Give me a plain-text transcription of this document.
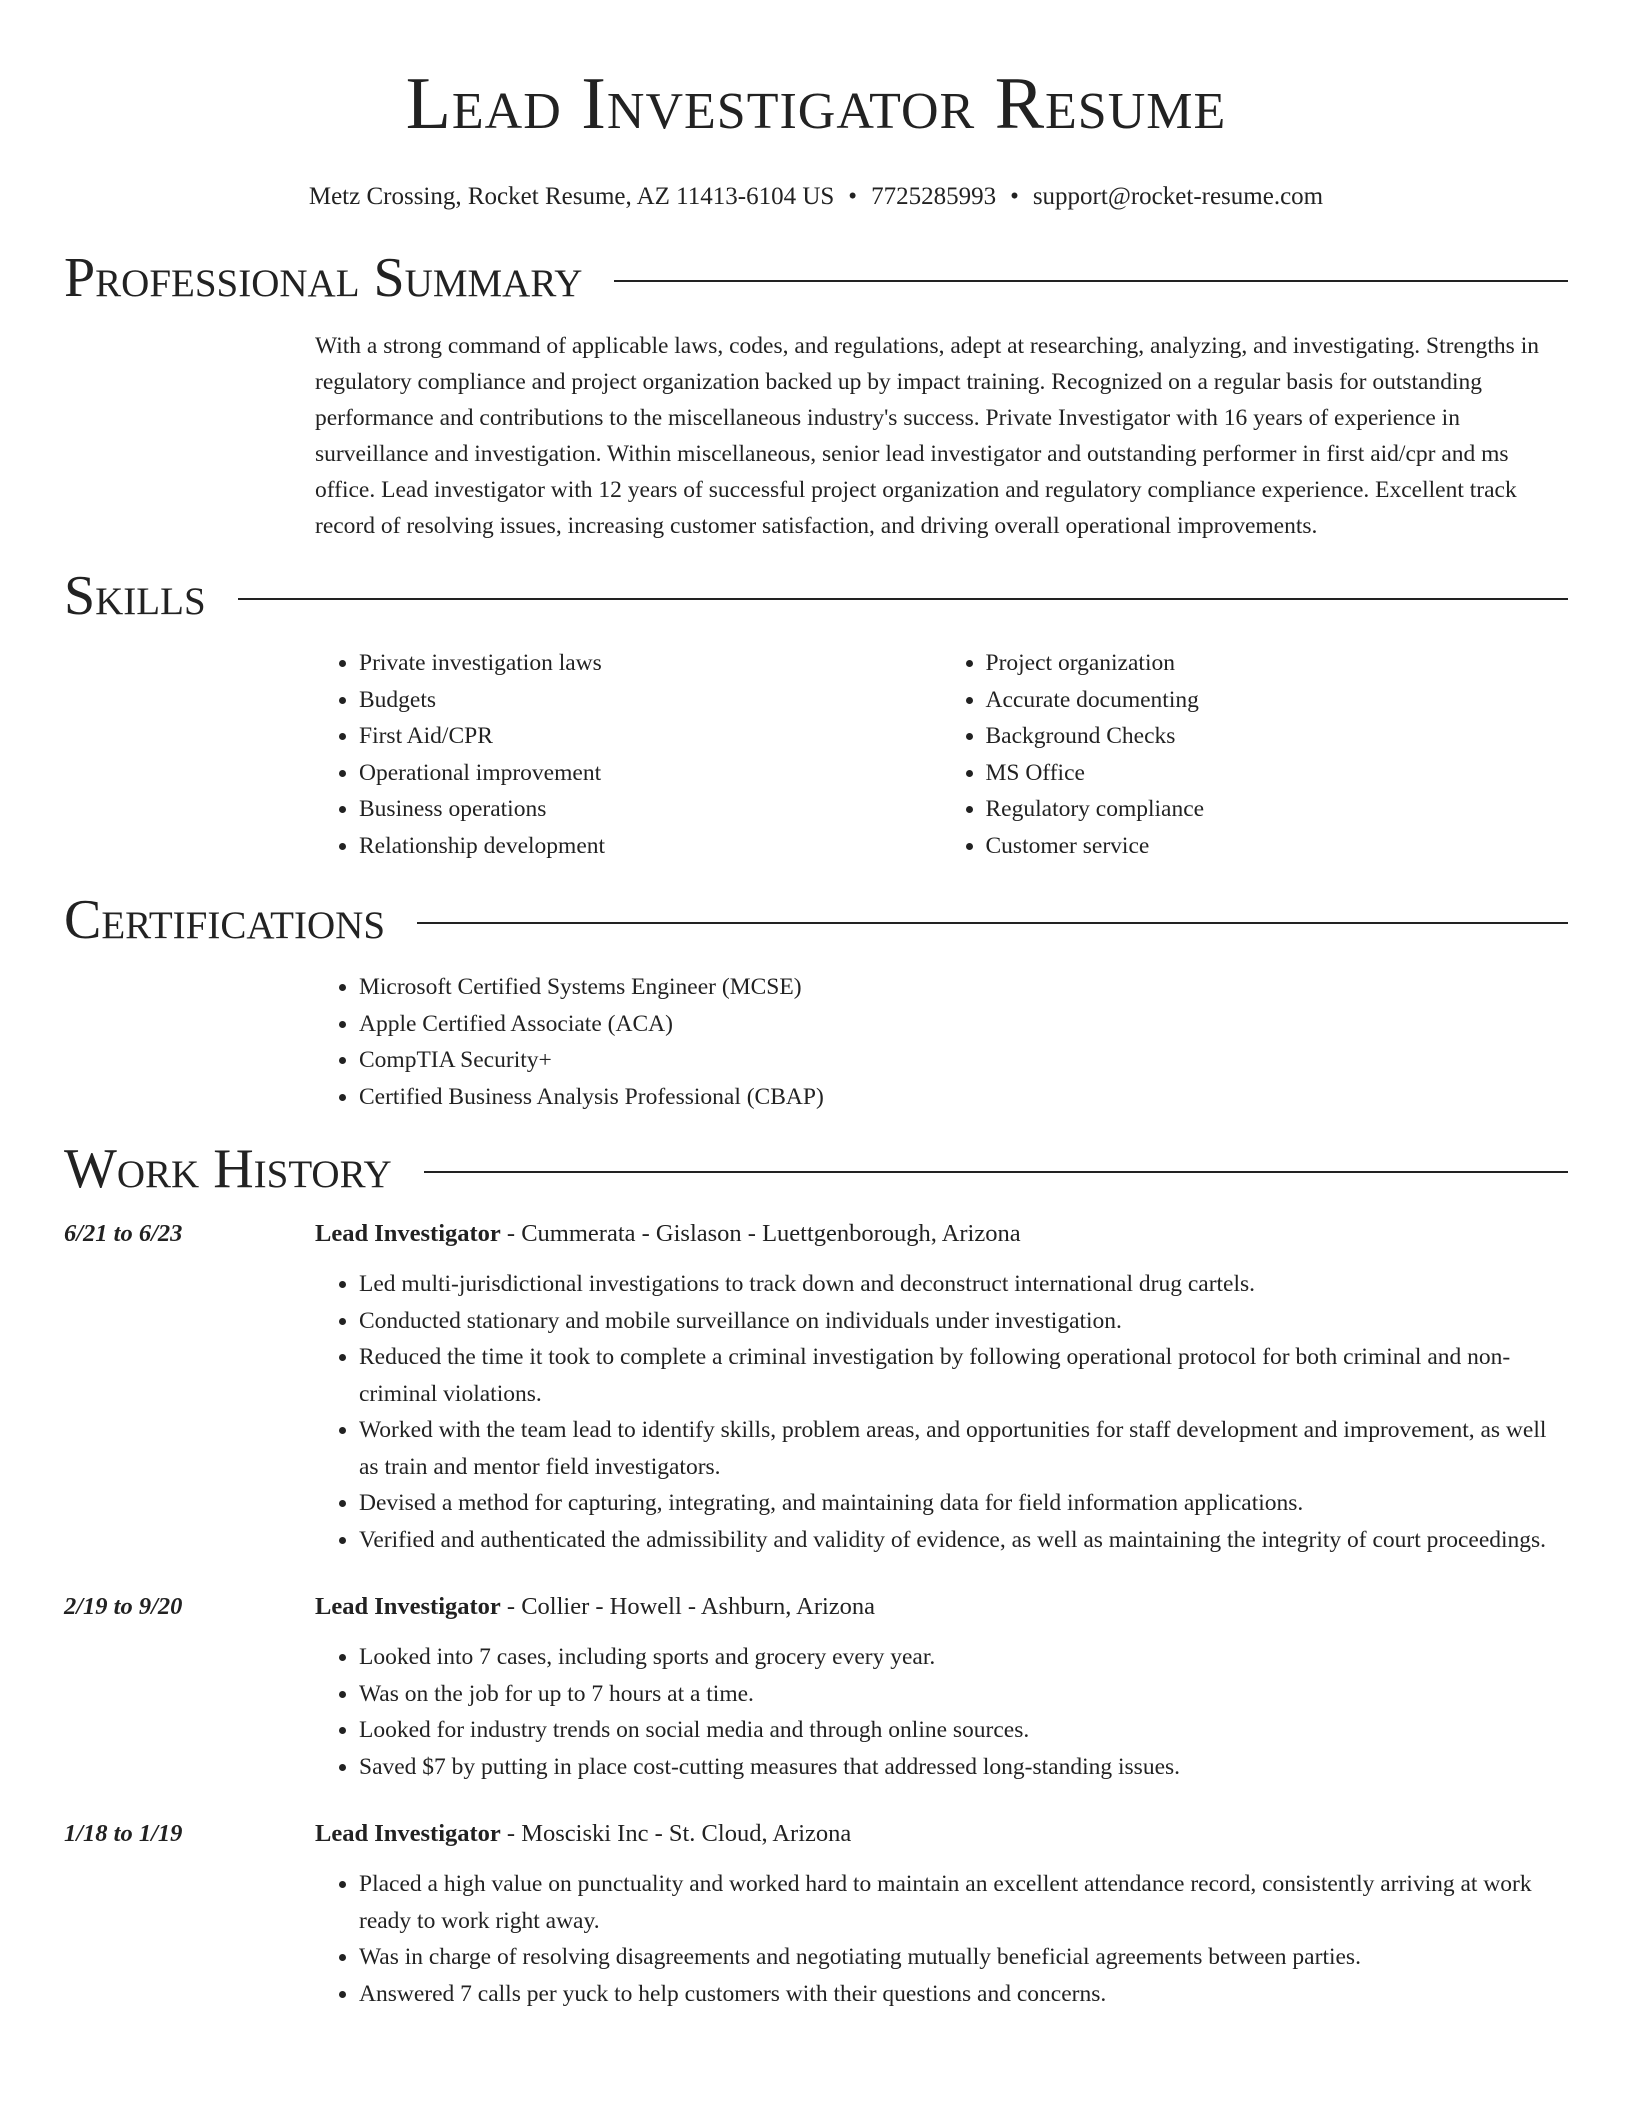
Lead Investigator Resume
Metz Crossing, Rocket Resume, AZ 11413-6104 US • 7725285993 • support@rocket-resume.com
Professional Summary
With a strong command of applicable laws, codes, and regulations, adept at researching, analyzing, and investigating. Strengths in regulatory compliance and project organization backed up by impact training. Recognized on a regular basis for outstanding performance and contributions to the miscellaneous industry's success. Private Investigator with 16 years of experience in surveillance and investigation. Within miscellaneous, senior lead investigator and outstanding performer in first aid/cpr and ms office. Lead investigator with 12 years of successful project organization and regulatory compliance experience. Excellent track record of resolving issues, increasing customer satisfaction, and driving overall operational improvements.
Skills
• Private investigation laws
• Budgets
• First Aid/CPR
• Operational improvement
• Business operations
• Relationship development
• Project organization
• Accurate documenting
• Background Checks
• MS Office
• Regulatory compliance
• Customer service
Certifications
• Microsoft Certified Systems Engineer (MCSE)
• Apple Certified Associate (ACA)
• CompTIA Security+
• Certified Business Analysis Professional (CBAP)
Work History
6/21 to 6/23	Lead Investigator - Cummerata - Gislason - Luettgenborough, Arizona
• Led multi-jurisdictional investigations to track down and deconstruct international drug cartels.
• Conducted stationary and mobile surveillance on individuals under investigation.
• Reduced the time it took to complete a criminal investigation by following operational protocol for both criminal and non-criminal violations.
• Worked with the team lead to identify skills, problem areas, and opportunities for staff development and improvement, as well as train and mentor field investigators.
• Devised a method for capturing, integrating, and maintaining data for field information applications.
• Verified and authenticated the admissibility and validity of evidence, as well as maintaining the integrity of court proceedings.
2/19 to 9/20	Lead Investigator - Collier - Howell - Ashburn, Arizona
• Looked into 7 cases, including sports and grocery every year.
• Was on the job for up to 7 hours at a time.
• Looked for industry trends on social media and through online sources.
• Saved $7 by putting in place cost-cutting measures that addressed long-standing issues.
1/18 to 1/19	Lead Investigator - Mosciski Inc - St. Cloud, Arizona
• Placed a high value on punctuality and worked hard to maintain an excellent attendance record, consistently arriving at work ready to work right away.
• Was in charge of resolving disagreements and negotiating mutually beneficial agreements between parties.
• Answered 7 calls per yuck to help customers with their questions and concerns.
